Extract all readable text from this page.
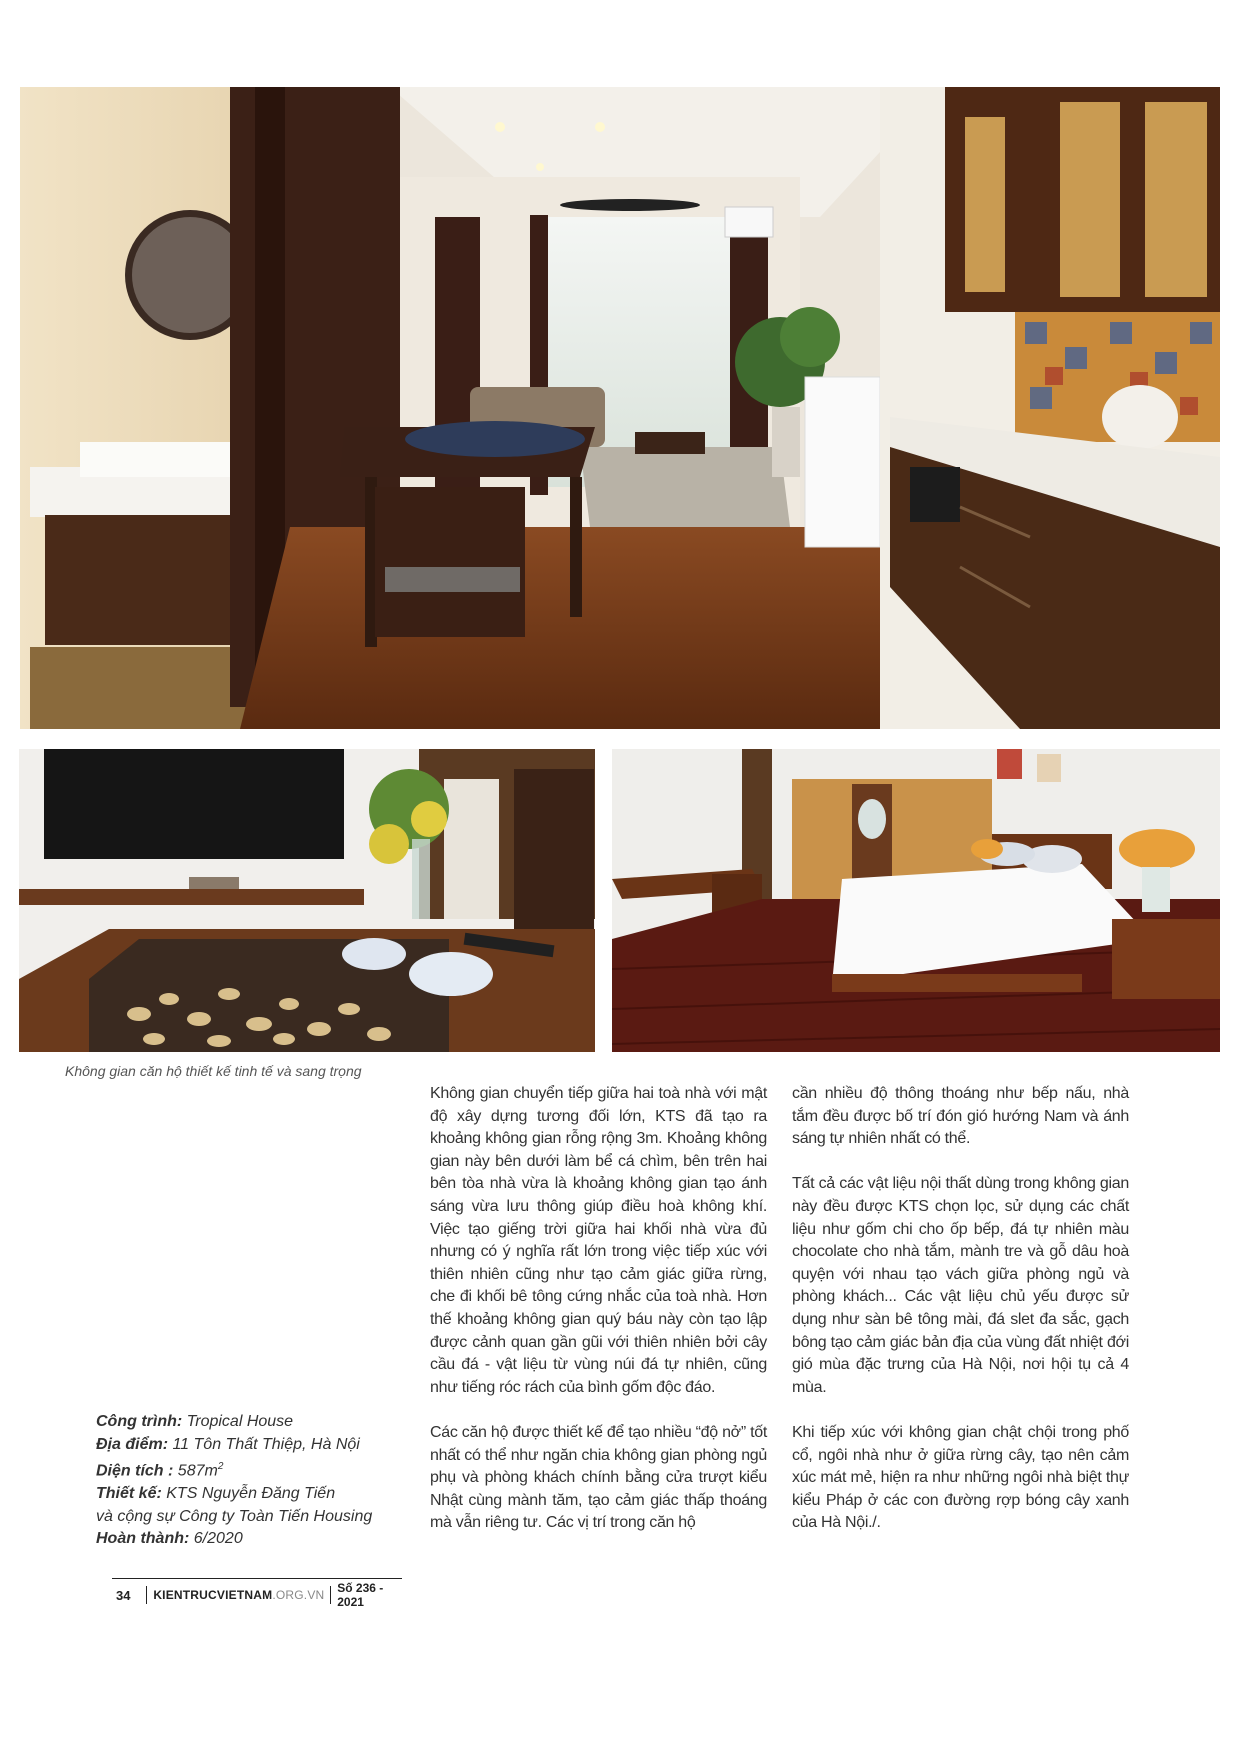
Không gian căn hộ thiết kế tinh tế và sang trọng

Không gian chuyển tiếp giữa hai toà nhà với mật độ xây dựng tương đối lớn, KTS đã tạo ra khoảng không gian rỗng rộng 3m. Khoảng không gian này bên dưới làm bể cá chìm, bên trên hai bên tòa nhà vừa là khoảng không gian tạo ánh sáng vừa lưu thông giúp điều hoà không khí. Việc tạo giếng trời giữa hai khối nhà vừa đủ nhưng có ý nghĩa rất lớn trong việc tiếp xúc với thiên nhiên cũng như tạo cảm giác giữa rừng, che đi khối bê tông cứng nhắc của toà nhà. Hơn thế khoảng không gian quý báu này còn tạo lập được cảnh quan gần gũi với thiên nhiên bởi cây cầu đá - vật liệu từ vùng núi đá tự nhiên, cũng như tiếng róc rách của bình gốm độc đáo.

Các căn hộ được thiết kế để tạo nhiều “độ nở” tốt nhất có thể như ngăn chia không gian phòng ngủ phụ và phòng khách chính bằng cửa trượt kiểu Nhật cùng mành tăm, tạo cảm giác thấp thoáng mà vẫn riêng tư. Các vị trí trong căn hộ

cần nhiều độ thông thoáng như bếp nấu, nhà tắm đều được bố trí đón gió hướng Nam và ánh sáng tự nhiên nhất có thể.

Tất cả các vật liệu nội thất dùng trong không gian này đều được KTS chọn lọc, sử dụng các chất liệu như gốm chi cho ốp bếp, đá tự nhiên màu chocolate cho nhà tắm, mành tre và gỗ dâu hoà quyện với nhau tạo vách giữa phòng ngủ và phòng khách... Các vật liệu chủ yếu được sử dụng như sàn bê tông mài, đá slet đa sắc, gạch bông tạo cảm giác bản địa của vùng đất nhiệt đới gió mùa đặc trưng của Hà Nội, nơi hội tụ cả 4 mùa.

Khi tiếp xúc với không gian chật chội trong phố cổ, ngôi nhà như ở giữa rừng cây, tạo nên cảm xúc mát mẻ, hiện ra như những ngôi nhà biệt thự kiểu Pháp ở các con đường rợp bóng cây xanh của Hà Nội./.

Công trình: Tropical House
Địa điểm: 11 Tôn Thất Thiệp, Hà Nội
Diện tích : $587m^2$
Thiết kế: KTS Nguyễn Đăng Tiến
và cộng sự Công ty Toàn Tiến Housing
Hoàn thành: 6/2020
34	KIENTRUCVIETNAM.ORG.VN Số 236 - 2021
